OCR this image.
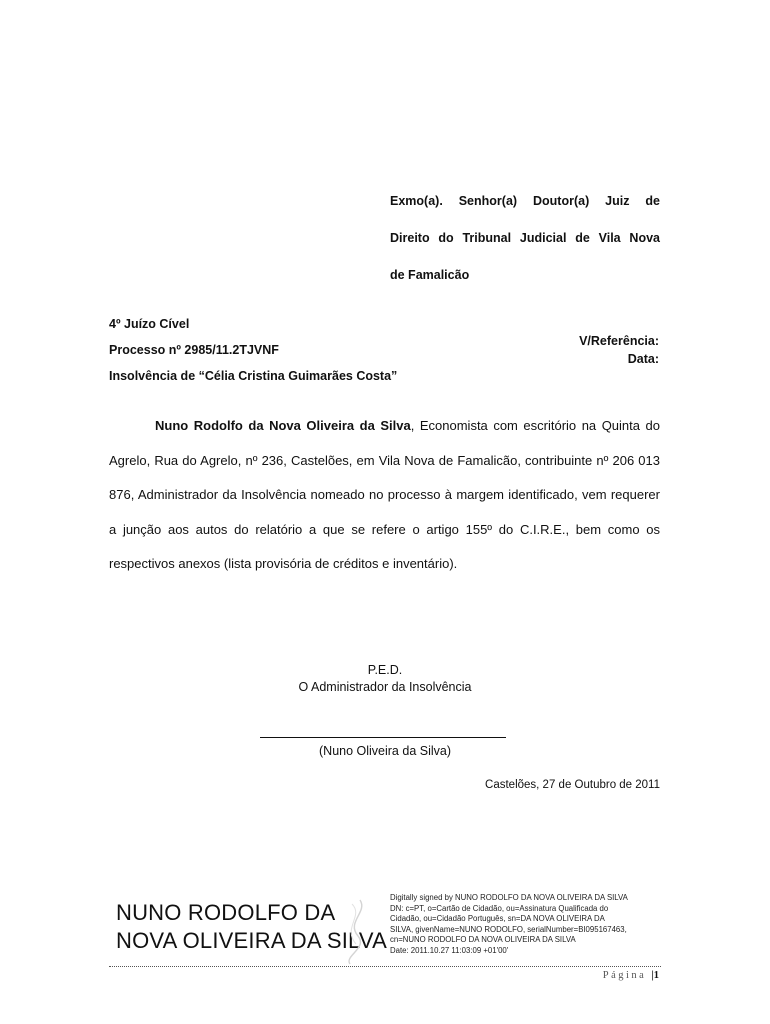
Exmo(a). Senhor(a) Doutor(a) Juiz de
Direito do Tribunal Judicial de Vila Nova
de Famalicão
4º Juízo Cível
Processo nº 2985/11.2TJVNF
Insolvência de “Célia Cristina Guimarães Costa”
V/Referência:
Data:
Nuno Rodolfo da Nova Oliveira da Silva, Economista com escritório na Quinta do Agrelo, Rua do Agrelo, nº 236, Castelões, em Vila Nova de Famalicão, contribuinte nº 206 013 876, Administrador da Insolvência nomeado no processo à margem identificado, vem requerer a junção aos autos do relatório a que se refere o artigo 155º do C.I.R.E., bem como os respectivos anexos (lista provisória de créditos e inventário).
P.E.D.
O Administrador da Insolvência
(Nuno Oliveira da Silva)
Castelões, 27 de Outubro de 2011
NUNO RODOLFO DA
NOVA OLIVEIRA DA SILVA
Digitally signed by NUNO RODOLFO DA NOVA OLIVEIRA DA SILVA
DN: c=PT, o=Cartão de Cidadão, ou=Assinatura Qualificada do
Cidadão, ou=Cidadão Português, sn=DA NOVA OLIVEIRA DA
SILVA, givenName=NUNO RODOLFO, serialNumber=BI095167463,
cn=NUNO RODOLFO DA NOVA OLIVEIRA DA SILVA
Date: 2011.10.27 11:03:09 +01'00'
Página |1
